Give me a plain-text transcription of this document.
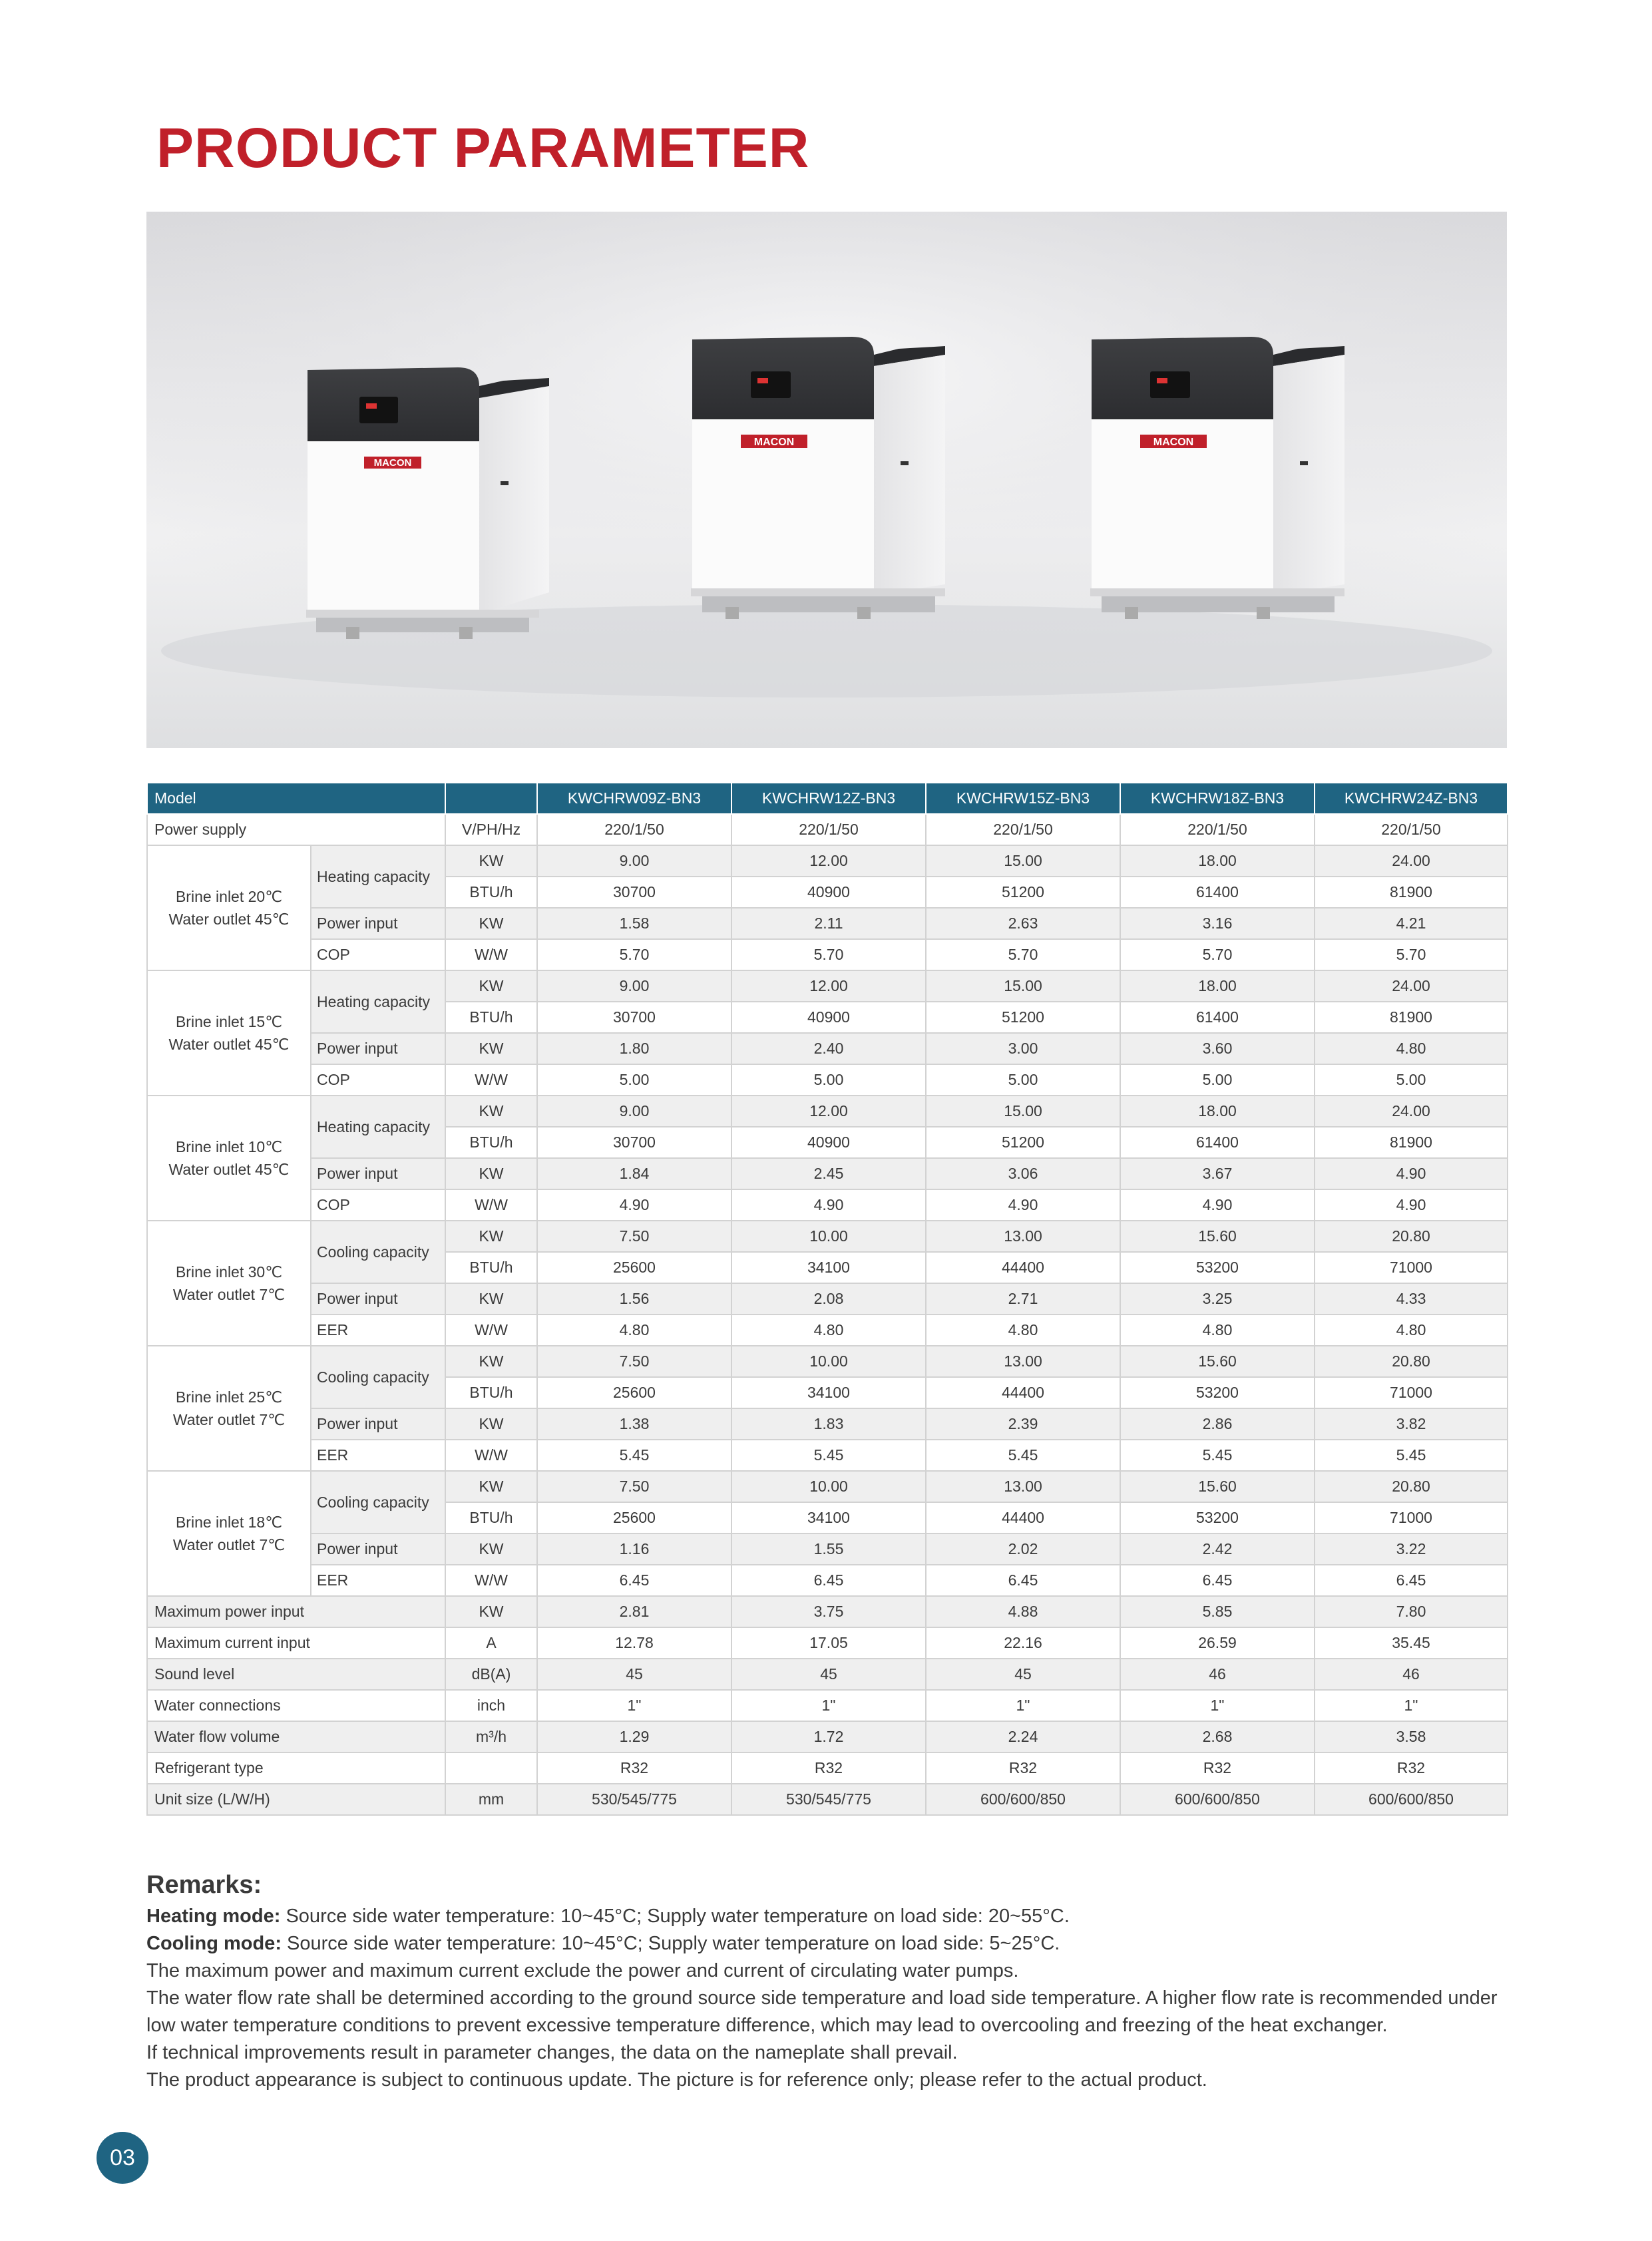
PRODUCT PARAMETER
MACON
MACON	MACON
Model			KWCHRW09Z-BN3	KWCHRW12Z-BN3	KWCHRW15Z-BN3	KWCHRW18Z-BN3	KWCHRW24Z-BN3
Power supply		V/PH/Hz	220/1/50	220/1/50	220/1/50	220/1/50	220/1/50

Brine inlet 20℃
Water outlet 45℃	Heating capacity	KW	9.00	12.00	15.00	18.00	24.00
		BTU/h	30700	40900	51200	61400	81900
	Power input	KW	1.58	2.11	2.63	3.16	4.21
	COP	W/W	5.70	5.70	5.70	5.70	5.70

Brine inlet 15℃
Water outlet 45℃	Heating capacity	KW	9.00	12.00	15.00	18.00	24.00
		BTU/h	30700	40900	51200	61400	81900
	Power input	KW	1.80	2.40	3.00	3.60	4.80
	COP	W/W	5.00	5.00	5.00	5.00	5.00

Brine inlet 10℃
Water outlet 45℃	Heating capacity	KW	9.00	12.00	15.00	18.00	24.00
		BTU/h	30700	40900	51200	61400	81900
	Power input	KW	1.84	2.45	3.06	3.67	4.90
	COP	W/W	4.90	4.90	4.90	4.90	4.90

Brine inlet 30℃
Water outlet 7℃	Cooling capacity	KW	7.50	10.00	13.00	15.60	20.80
		BTU/h	25600	34100	44400	53200	71000
	Power input	KW	1.56	2.08	2.71	3.25	4.33
	EER	W/W	4.80	4.80	4.80	4.80	4.80

Brine inlet 25℃
Water outlet 7℃	Cooling capacity	KW	7.50	10.00	13.00	15.60	20.80
		BTU/h	25600	34100	44400	53200	71000
	Power input	KW	1.38	1.83	2.39	2.86	3.82
	EER	W/W	5.45	5.45	5.45	5.45	5.45

Brine inlet 18℃
Water outlet 7℃	Cooling capacity	KW	7.50	10.00	13.00	15.60	20.80
		BTU/h	25600	34100	44400	53200	71000
	Power input	KW	1.16	1.55	2.02	2.42	3.22
	EER	W/W	6.45	6.45	6.45	6.45	6.45
Maximum power input		KW	2.81	3.75	4.88	5.85	7.80
Maximum current input		A	12.78	17.05	22.16	26.59	35.45
Sound level		dB(A)	45	45	45	46	46
Water connections		inch	1"	1"	1"	1"	1"
Water flow volume		m³/h	1.29	1.72	2.24	2.68	3.58
Refrigerant type			R32	R32	R32	R32	R32
Unit size (L/W/H)		mm	530/545/775	530/545/775	600/600/850	600/600/850	600/600/850
Remarks:

Heating mode: Source side water temperature: 10~45°C; Supply water temperature on load side: 20~55°C.

Cooling mode: Source side water temperature: 10~45°C; Supply water temperature on load side: 5~25°C.

The maximum power and maximum current exclude the power and current of circulating water pumps.

The water flow rate shall be determined according to the ground source side temperature and load side temperature. A higher flow rate is recommended under low water temperature conditions to prevent excessive temperature difference, which may lead to overcooling and freezing of the heat exchanger.

If technical improvements result in parameter changes, the data on the nameplate shall prevail.

The product appearance is subject to continuous update. The picture is for reference only; please refer to the actual product.

03
